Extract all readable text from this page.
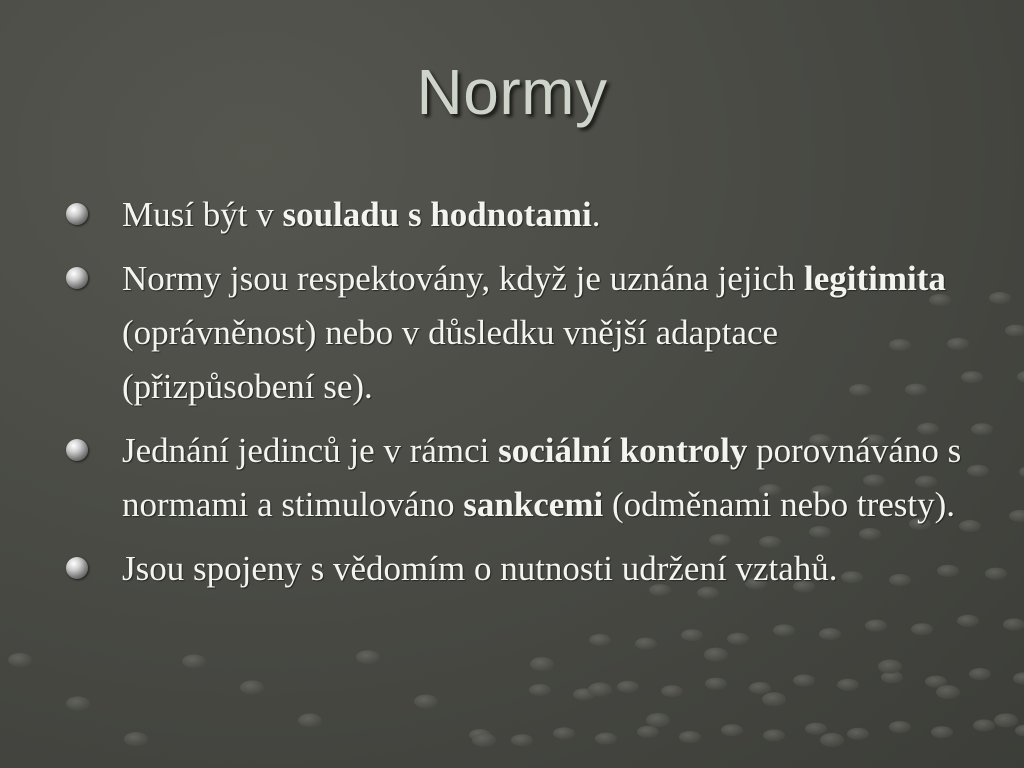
Normy
Musí být v souladu s hodnotami.
Normy jsou respektovány, když je uznána jejich legitimita (oprávněnost) nebo v důsledku vnější adaptace (přizpůsobení se).
Jednání jedinců je v rámci sociální kontroly porovnáváno s normami a stimulováno sankcemi (odměnami nebo tresty).
Jsou spojeny s vědomím o nutnosti udržení vztahů.
